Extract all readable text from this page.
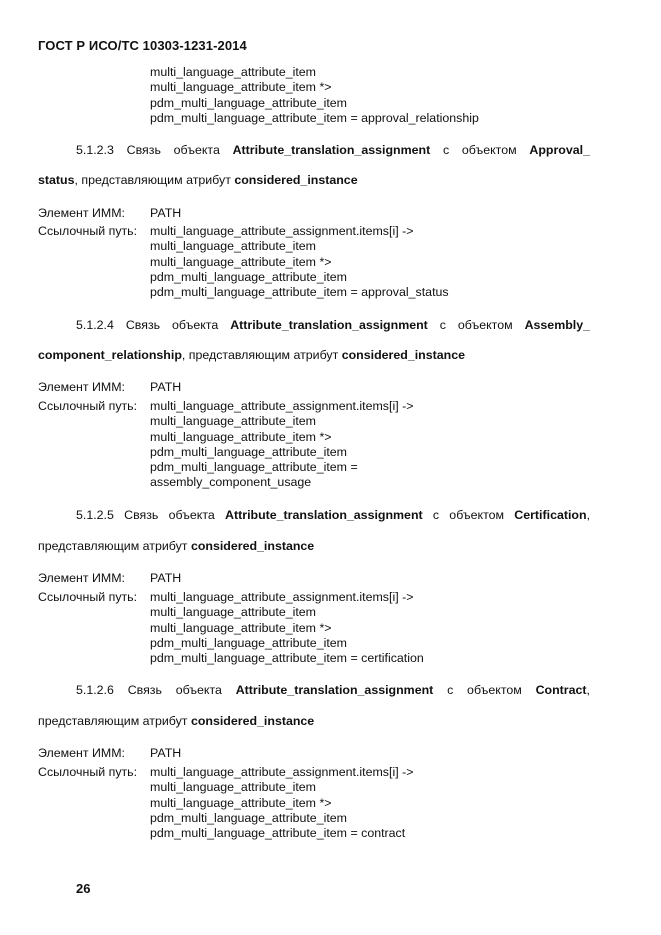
ГОСТ Р ИСО/ТС 10303-1231-2014
multi_language_attribute_item
multi_language_attribute_item *>
pdm_multi_language_attribute_item
pdm_multi_language_attribute_item = approval_relationship
5.1.2.3 Связь объекта Attribute_translation_assignment с объектом Approval_
status, представляющим атрибут considered_instance
Элемент ИММ: PATH
Ссылочный путь: multi_language_attribute_assignment.items[i] ->
multi_language_attribute_item
multi_language_attribute_item *>
pdm_multi_language_attribute_item
pdm_multi_language_attribute_item = approval_status
5.1.2.4 Связь объекта Attribute_translation_assignment с объектом Assembly_
component_relationship, представляющим атрибут considered_instance
Элемент ИММ: PATH
Ссылочный путь: multi_language_attribute_assignment.items[i] ->
multi_language_attribute_item
multi_language_attribute_item *>
pdm_multi_language_attribute_item
pdm_multi_language_attribute_item =
assembly_component_usage
5.1.2.5 Связь объекта Attribute_translation_assignment с объектом Certification,
представляющим атрибут considered_instance
Элемент ИММ: PATH
Ссылочный путь: multi_language_attribute_assignment.items[i] ->
multi_language_attribute_item
multi_language_attribute_item *>
pdm_multi_language_attribute_item
pdm_multi_language_attribute_item = certification
5.1.2.6 Связь объекта Attribute_translation_assignment с объектом Contract,
представляющим атрибут considered_instance
Элемент ИММ: PATH
Ссылочный путь: multi_language_attribute_assignment.items[i] ->
multi_language_attribute_item
multi_language_attribute_item *>
pdm_multi_language_attribute_item
pdm_multi_language_attribute_item = contract
26
